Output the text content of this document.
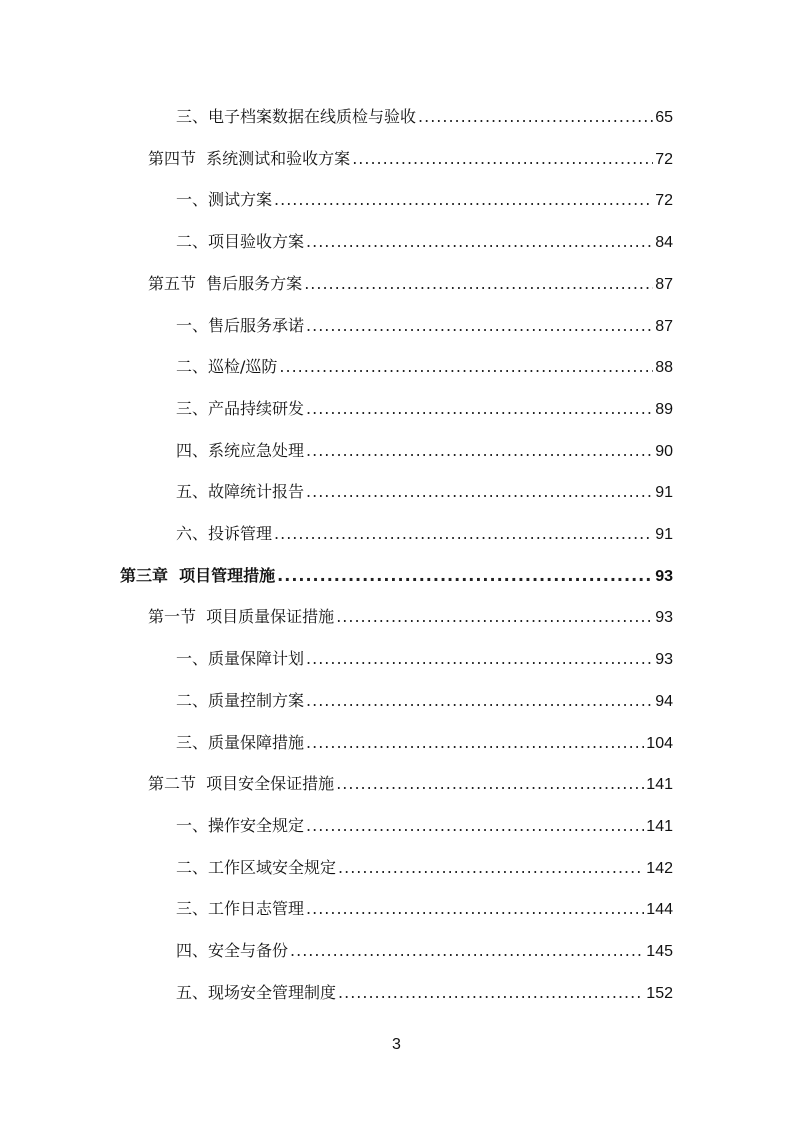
三、电子档案数据在线质检与验收 .....	65
第四节  系统测试和验收方案 .....	72
一、测试方案 .....	72
二、项目验收方案 .....	84
第五节  售后服务方案 .....	87
一、售后服务承诺 .....	87
二、巡检/巡防 .....	88
三、产品持续研发 .....	89
四、系统应急处理 .....	90
五、故障统计报告 .....	91
六、投诉管理 .....	91
第三章  项目管理措施 .....	93
第一节  项目质量保证措施 .....	93
一、质量保障计划 .....	93
二、质量控制方案 .....	94
三、质量保障措施 .....	104
第二节  项目安全保证措施 .....	141
一、操作安全规定 .....	141
二、工作区域安全规定 .....	142
三、工作日志管理 .....	144
四、安全与备份 .....	145
五、现场安全管理制度 .....	152
3
